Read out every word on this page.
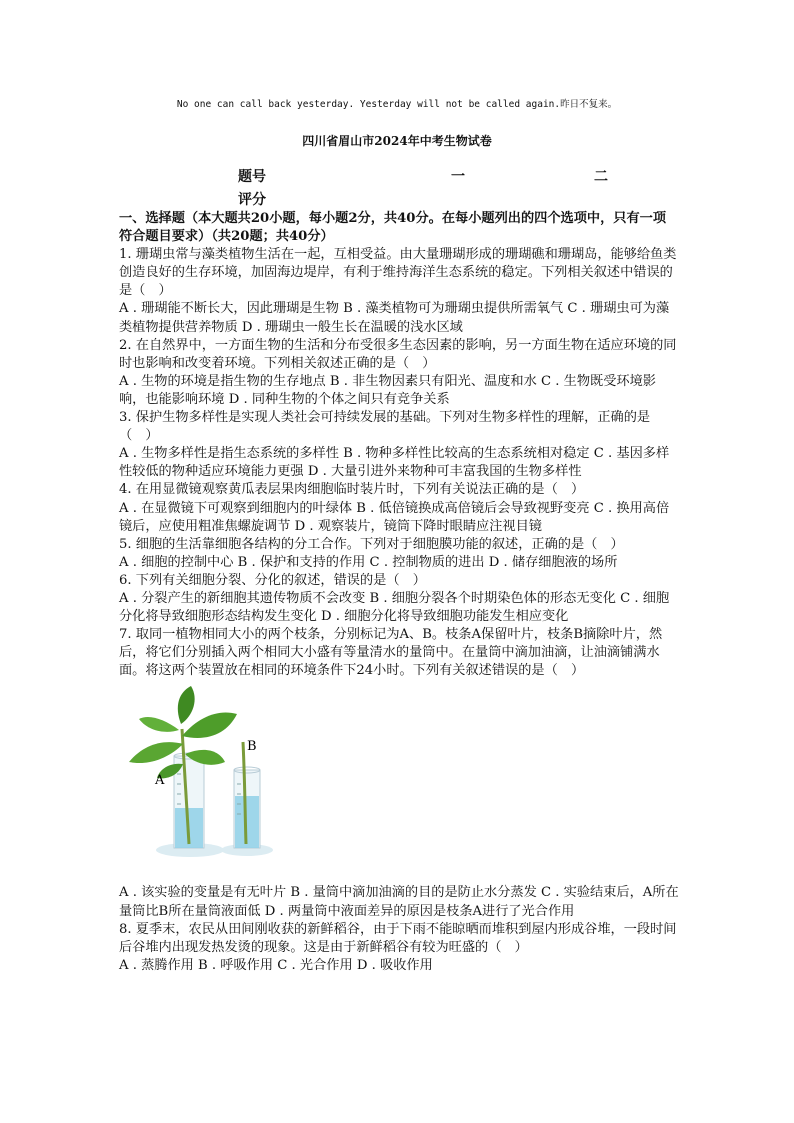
No one can call back yesterday. Yesterday will not be called again.昨日不复来。
四川省眉山市2024年中考生物试卷
题号	一	二
评分

一、选择题（本大题共20小题，每小题2分，共40分。在每小题列出的四个选项中，只有一项符合题目要求）（共20题；共40分）

1. 珊瑚虫常与藻类植物生活在一起，互相受益。由大量珊瑚形成的珊瑚礁和珊瑚岛，能够给鱼类创造良好的生存环境，加固海边堤岸，有利于维持海洋生态系统的稳定。下列相关叙述中错误的是（　）

A . 珊瑚能不断长大，因此珊瑚是生物 B . 藻类植物可为珊瑚虫提供所需氧气 C . 珊瑚虫可为藻类植物提供营养物质 D . 珊瑚虫一般生长在温暖的浅水区域

2. 在自然界中，一方面生物的生活和分布受很多生态因素的影响，另一方面生物在适应环境的同时也影响和改变着环境。下列相关叙述正确的是（　）

A . 生物的环境是指生物的生存地点 B . 非生物因素只有阳光、温度和水 C . 生物既受环境影响，也能影响环境 D . 同种生物的个体之间只有竞争关系

3. 保护生物多样性是实现人类社会可持续发展的基础。下列对生物多样性的理解，正确的是（　）

A . 生物多样性是指生态系统的多样性 B . 物种多样性比较高的生态系统相对稳定 C . 基因多样性较低的物种适应环境能力更强 D . 大量引进外来物种可丰富我国的生物多样性

4. 在用显微镜观察黄瓜表层果肉细胞临时装片时，下列有关说法正确的是（　）

A . 在显微镜下可观察到细胞内的叶绿体 B . 低倍镜换成高倍镜后会导致视野变亮 C . 换用高倍镜后，应使用粗准焦螺旋调节 D . 观察装片，镜筒下降时眼睛应注视目镜

5. 细胞的生活靠细胞各结构的分工合作。下列对于细胞膜功能的叙述，正确的是（　）

A . 细胞的控制中心 B . 保护和支持的作用 C . 控制物质的进出 D . 储存细胞液的场所

6. 下列有关细胞分裂、分化的叙述，错误的是（　）

A . 分裂产生的新细胞其遗传物质不会改变 B . 细胞分裂各个时期染色体的形态无变化 C . 细胞分化将导致细胞形态结构发生变化 D . 细胞分化将导致细胞功能发生相应变化

7. 取同一植物相同大小的两个枝条，分别标记为A、B。枝条A保留叶片，枝条B摘除叶片，然后，将它们分别插入两个相同大小盛有等量清水的量筒中。在量筒中滴加油滴，让油滴铺满水面。将这两个装置放在相同的环境条件下24小时。下列有关叙述错误的是（　）

A
B

A . 该实验的变量是有无叶片 B . 量筒中滴加油滴的目的是防止水分蒸发 C . 实验结束后，A所在量筒比B所在量筒液面低 D . 两量筒中液面差异的原因是枝条A进行了光合作用

8. 夏季末，农民从田间刚收获的新鲜稻谷，由于下雨不能晾晒而堆积到屋内形成谷堆，一段时间后谷堆内出现发热发烫的现象。这是由于新鲜稻谷有较为旺盛的（　）

A . 蒸腾作用 B . 呼吸作用 C . 光合作用 D . 吸收作用
